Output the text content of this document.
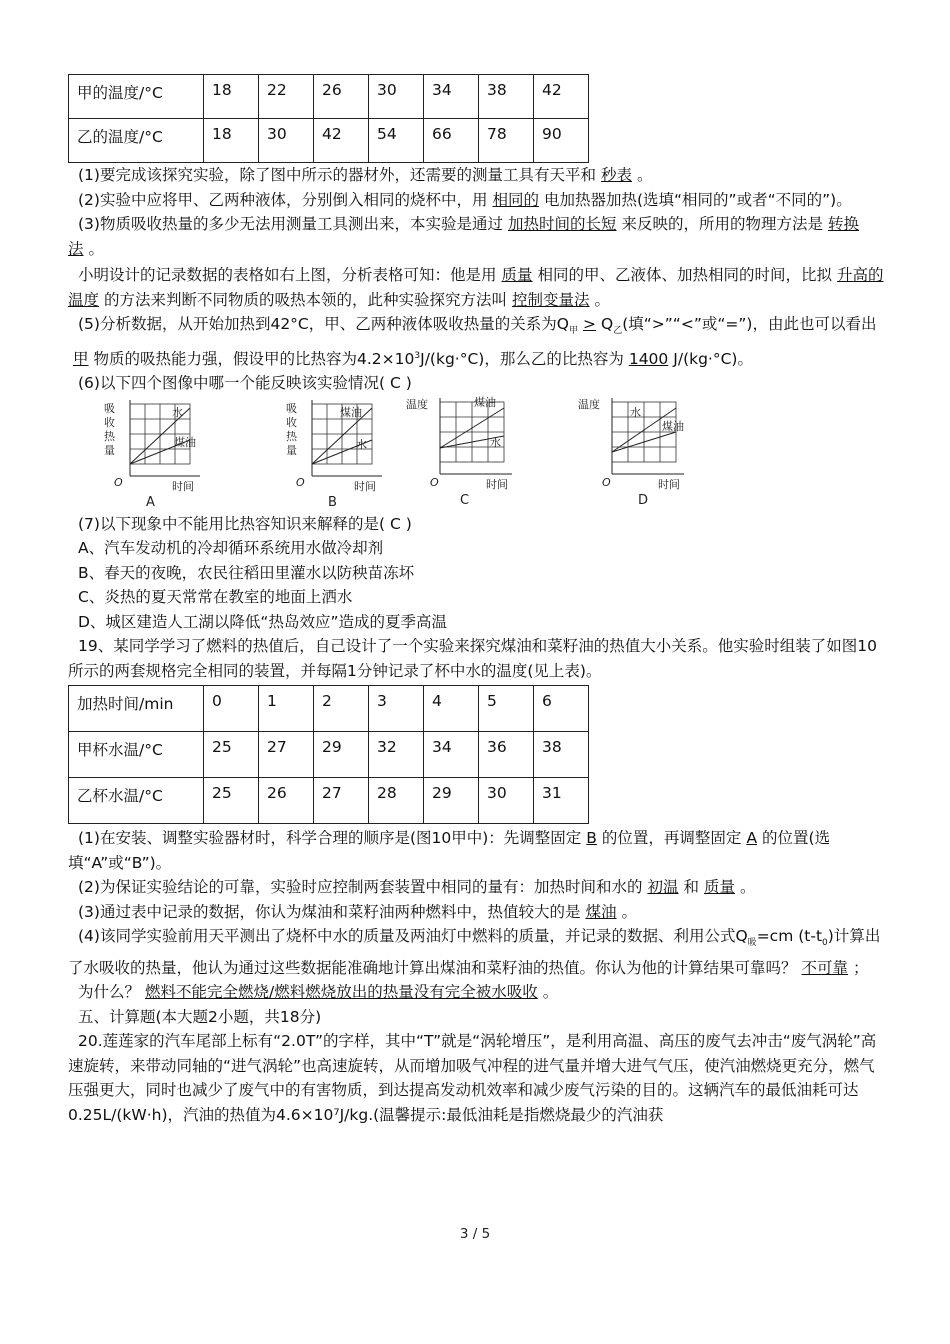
甲的温度/°C	18	22	26	30	34	38	42
乙的温度/°C	18	30	42	54	66	78	90

(1)要完成该探究实验，除了图中所示的器材外，还需要的测量工具有天平和 秒表 。

(2)实验中应将甲、乙两种液体，分别倒入相同的烧杯中，用 相同的 电加热器加热(选填“相同的”或者“不同的”)。

(3)物质吸收热量的多少无法用测量工具测出来，本实验是通过 加热时间的长短 来反映的，所用的物理方法是 转换法 。

小明设计的记录数据的表格如右上图，分析表格可知：他是用 质量 相同的甲、乙液体、加热相同的时间，比拟 升高的温度 的方法来判断不同物质的吸热本领的，此种实验探究方法叫 控制变量法 。

(5)分析数据，从开始加热到42°C，甲、乙两种液体吸收热量的关系为$Q_甲 > Q_乙$(填“>”“<”或“=”)，由此也可以看出甲 物质的吸热能力强，假设甲的比热容为$4.2\times 10^3J/(kg\cdot^\circ C)$，那么乙的比热容为 1400 J/(kg·°C)。

(6)以下四个图像中哪一个能反映该实验情况( C )

吸
收
热
量
水
煤油
O	时间
A
吸
收
热
量
煤油
水
O	时间
B
温度	煤油
水
O	时间
C
温度
水
煤油
O	时间
D

(7)以下现象中不能用比热容知识来解释的是( C )

A、汽车发动机的冷却循环系统用水做冷却剂

B、春天的夜晚，农民往稻田里灌水以防秧苗冻坏

C、炎热的夏天常常在教室的地面上洒水

D、城区建造人工湖以降低“热岛效应”造成的夏季高温

19、某同学学习了燃料的热值后，自己设计了一个实验来探究煤油和菜籽油的热值大小关系。他实验时组装了如图10所示的两套规格完全相同的装置，并每隔1分钟记录了杯中水的温度(见上表)。

加热时间/min	0	1	2	3	4	5	6
甲杯水温/°C	25	27	29	32	34	36	38
乙杯水温/°C	25	26	27	28	29	30	31

(1)在安装、调整实验器材时，科学合理的顺序是(图10甲中)：先调整固定 B 的位置，再调整固定 A 的位置(选填“A”或“B”)。

(2)为保证实验结论的可靠，实验时应控制两套装置中相同的量有：加热时间和水的 初温 和 质量 。

(3)通过表中记录的数据，你认为煤油和菜籽油两种燃料中，热值较大的是 煤油 。

(4)该同学实验前用天平测出了烧杯中水的质量及两油灯中燃料的质量，并记录的数据、利用公式$Q_吸=cm$ $(t-t_0)$计算出了水吸收的热量，他认为通过这些数据能准确地计算出煤油和菜籽油的热值。你认为他的计算结果可靠吗？ 不可靠 ；

为什么？ 燃料不能完全燃烧/燃料燃烧放出的热量没有完全被水吸收 。

五、计算题(本大题2小题，共18分)

20.莲莲家的汽车尾部上标有“2.0T”的字样，其中“T”就是“涡轮增压”，是利用高温、高压的废气去冲击“废气涡轮”高速旋转，来带动同轴的“进气涡轮”也高速旋转，从而增加吸气冲程的进气量并增大进气气压，使汽油燃烧更充分，燃气压强更大，同时也减少了废气中的有害物质，到达提高发动机效率和减少废气污染的目的。这辆汽车的最低油耗可达0.25L/(kW·h)，汽油的热值为4.6×10⁷J/kg.(温馨提示:最低油耗是指燃烧最少的汽油获

3 / 5
